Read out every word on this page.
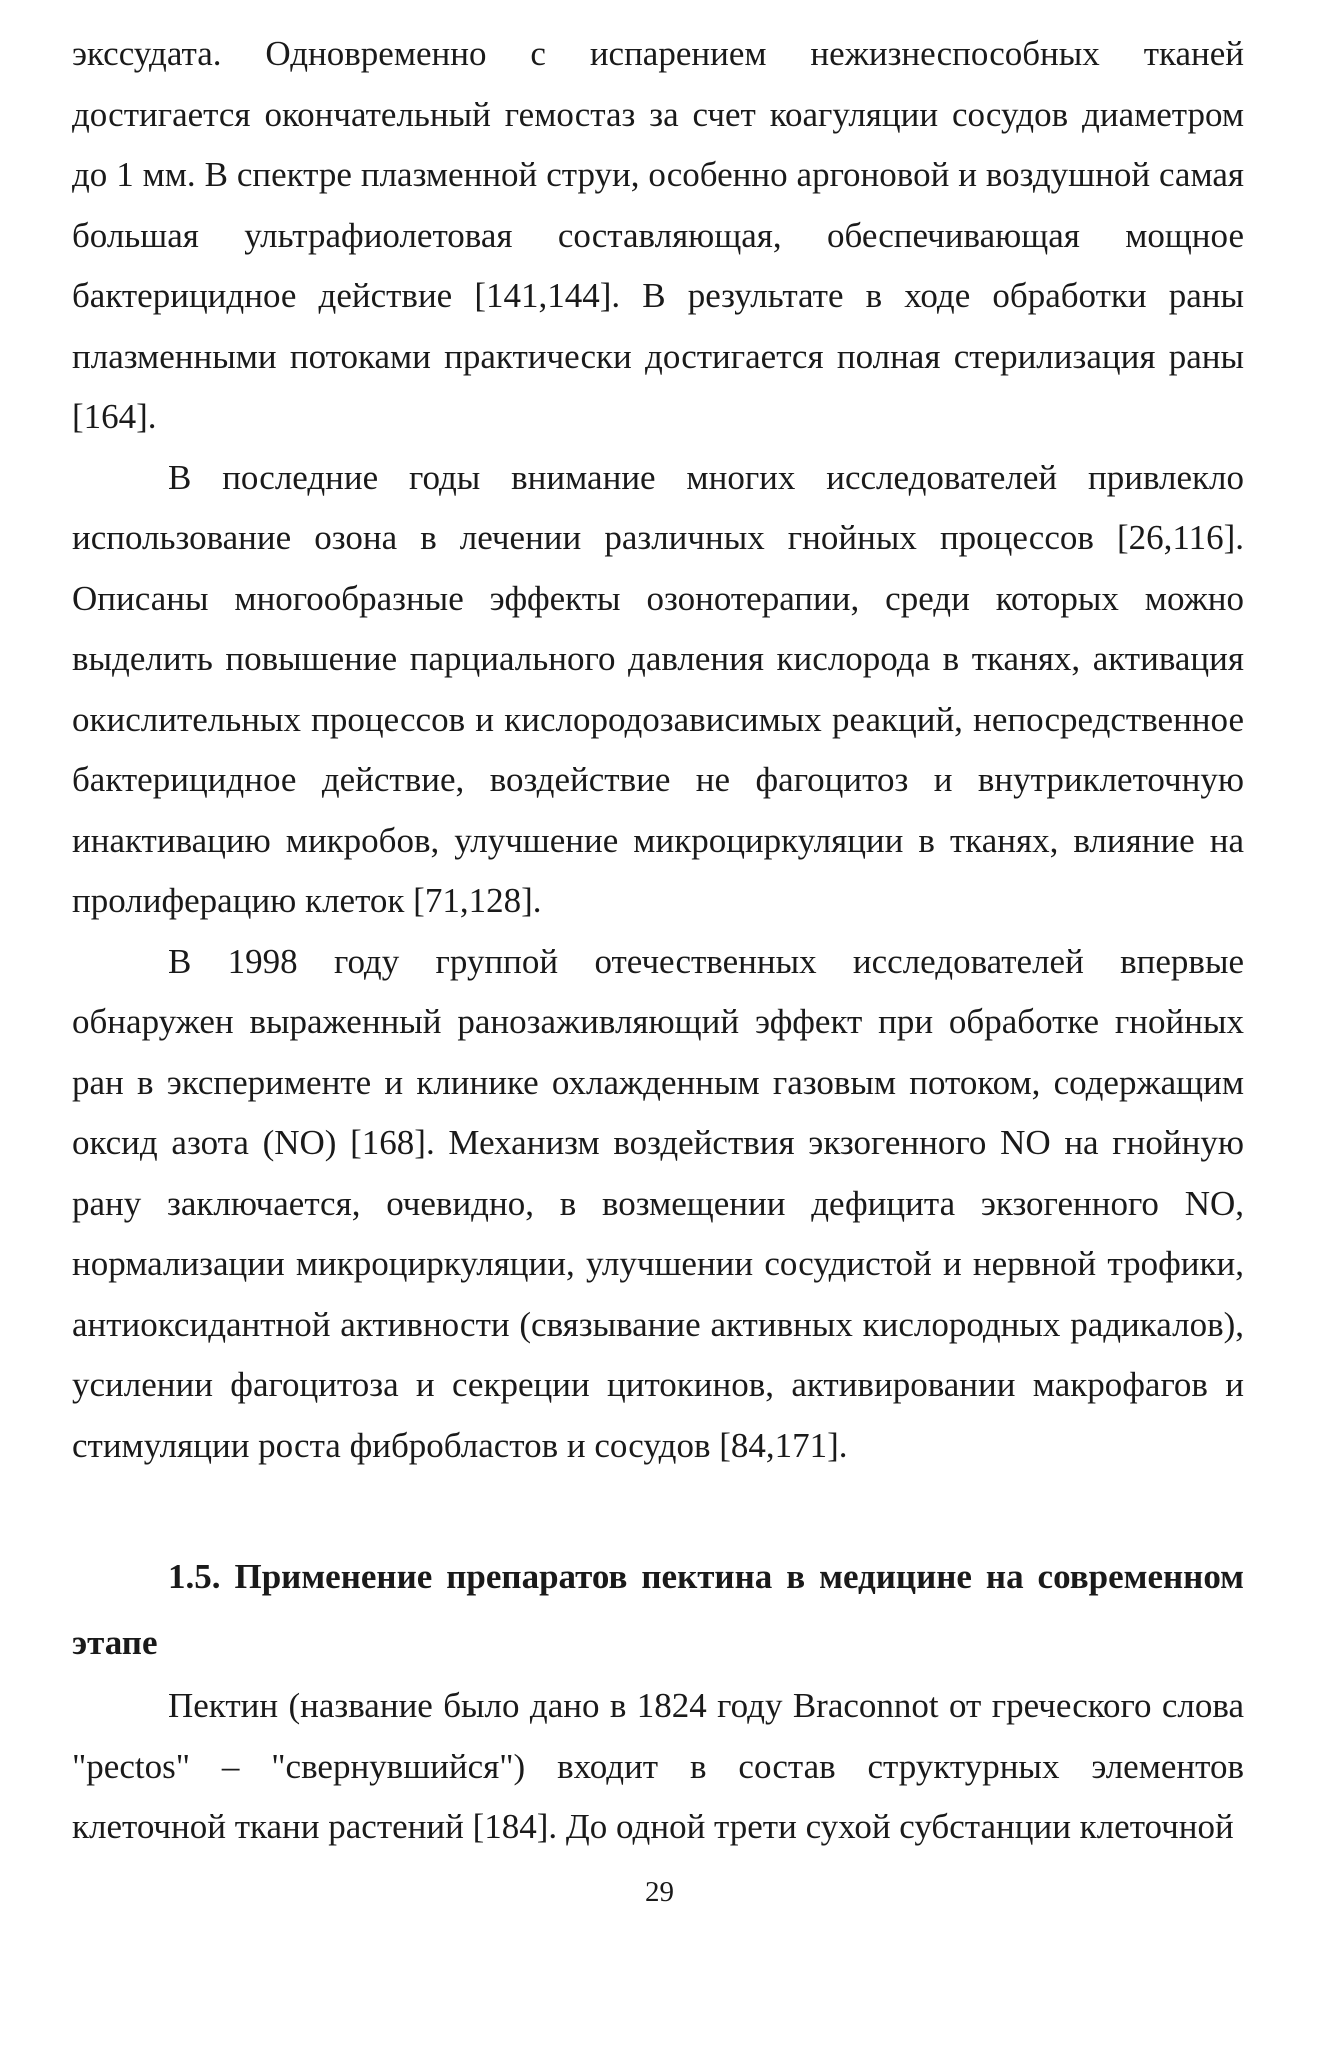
экссудата. Одновременно с испарением нежизнеспособных тканей достигается окончательный гемостаз за счет коагуляции сосудов диаметром до 1 мм. В спектре плазменной струи, особенно аргоновой и воздушной самая большая ультрафиолетовая составляющая, обеспечивающая мощное бактерицидное действие [141,144]. В результате в ходе обработки раны плазменными потоками практически достигается полная стерилизация раны [164].

В последние годы внимание многих исследователей привлекло использование озона в лечении различных гнойных процессов [26,116]. Описаны многообразные эффекты озонотерапии, среди которых можно выделить повышение парциального давления кислорода в тканях, активация окислительных процессов и кислородозависимых реакций, непосредственное бактерицидное действие, воздействие не фагоцитоз и внутриклеточную инактивацию микробов, улучшение микроциркуляции в тканях, влияние на пролиферацию клеток [71,128].

В 1998 году группой отечественных исследователей впервые обнаружен выраженный ранозаживляющий эффект при обработке гнойных ран в эксперименте и клинике охлажденным газовым потоком, содержащим оксид азота (NO) [168]. Механизм воздействия экзогенного NO на гнойную рану заключается, очевидно, в возмещении дефицита экзогенного NO, нормализации микроциркуляции, улучшении сосудистой и нервной трофики, антиоксидантной активности (связывание активных кислородных радикалов), усилении фагоцитоза и секреции цитокинов, активировании макрофагов и стимуляции роста фибробластов и сосудов [84,171].

1.5. Применение препаратов пектина в медицине на современном этапе

Пектин (название было дано в 1824 году Braconnot от греческого слова "pectos" – "свернувшийся") входит в состав структурных элементов клеточной ткани растений [184]. До одной трети сухой субстанции клеточной

29
